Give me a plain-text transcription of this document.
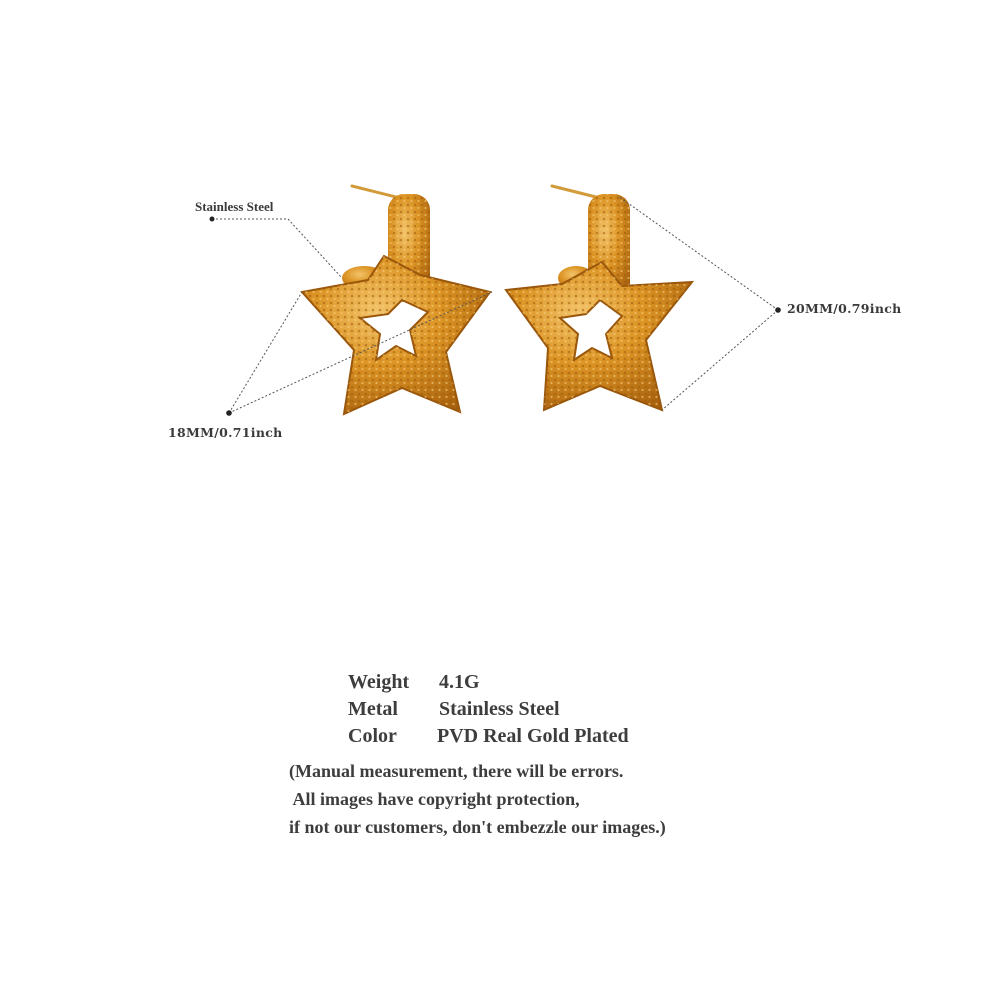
Stainless Steel
18MM/0.71inch
20MM/0.79inch
Weight 4.1G
Metal Stainless Steel
Color PVD Real Gold Plated
(Manual measurement, there will be errors.
All images have copyright protection,
if not our customers, don't embezzle our images.)
